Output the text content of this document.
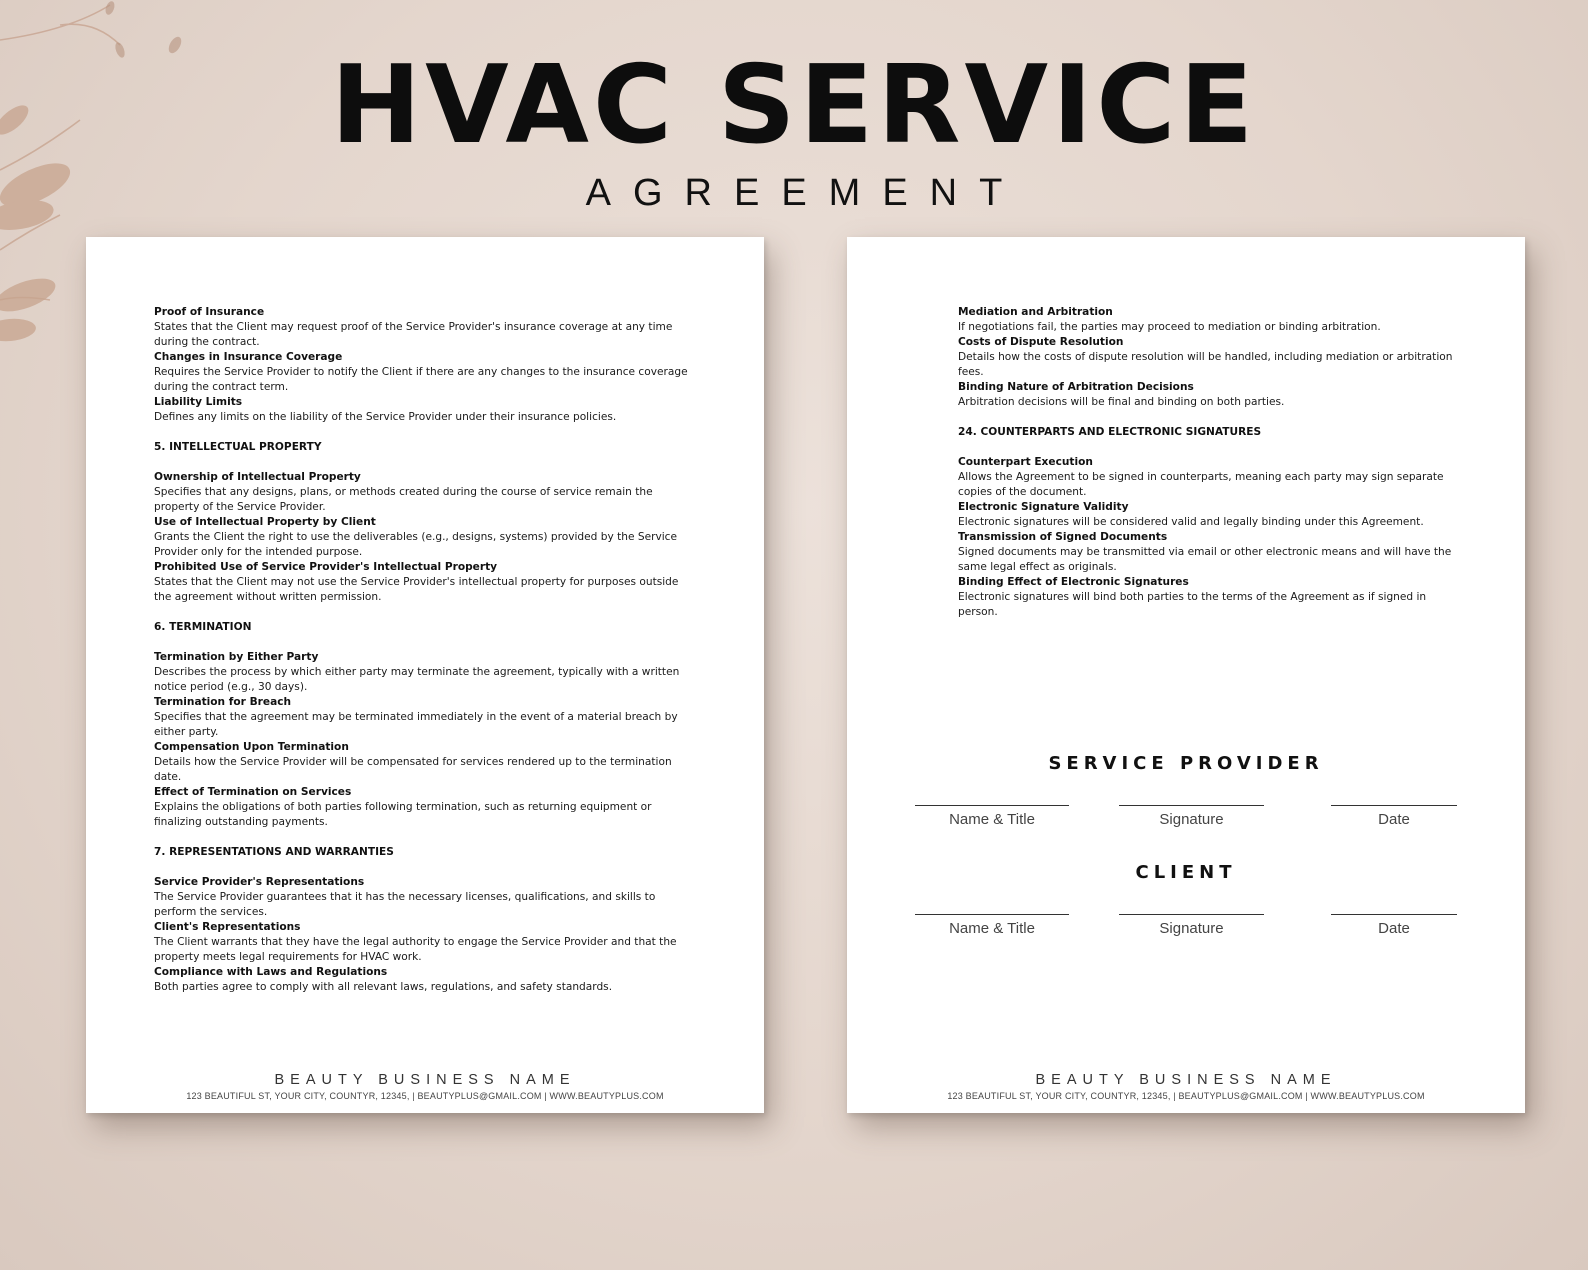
HVAC SERVICE
AGREEMENT
Proof of Insurance

States that the Client may request proof of the Service Provider's insurance coverage at any time during the contract.

Changes in Insurance Coverage

Requires the Service Provider to notify the Client if there are any changes to the insurance coverage during the contract term.

Liability Limits

Defines any limits on the liability of the Service Provider under their insurance policies.

5. INTELLECTUAL PROPERTY
Ownership of Intellectual Property

Specifies that any designs, plans, or methods created during the course of service remain the property of the Service Provider.

Use of Intellectual Property by Client

Grants the Client the right to use the deliverables (e.g., designs, systems) provided by the Service Provider only for the intended purpose.

Prohibited Use of Service Provider's Intellectual Property

States that the Client may not use the Service Provider's intellectual property for purposes outside the agreement without written permission.

6. TERMINATION
Termination by Either Party

Describes the process by which either party may terminate the agreement, typically with a written notice period (e.g., 30 days).

Termination for Breach

Specifies that the agreement may be terminated immediately in the event of a material breach by either party.

Compensation Upon Termination

Details how the Service Provider will be compensated for services rendered up to the termination date.

Effect of Termination on Services

Explains the obligations of both parties following termination, such as returning equipment or finalizing outstanding payments.

7. REPRESENTATIONS AND WARRANTIES
Service Provider's Representations

The Service Provider guarantees that it has the necessary licenses, qualifications, and skills to perform the services.

Client's Representations

The Client warrants that they have the legal authority to engage the Service Provider and that the property meets legal requirements for HVAC work.

Compliance with Laws and Regulations

Both parties agree to comply with all relevant laws, regulations, and safety standards.

BEAUTY BUSINESS NAME
123 BEAUTIFUL ST, YOUR CITY, COUNTYR, 12345, | BEAUTYPLUS@GMAIL.COM | WWW.BEAUTYPLUS.COM
Mediation and Arbitration

If negotiations fail, the parties may proceed to mediation or binding arbitration.

Costs of Dispute Resolution

Details how the costs of dispute resolution will be handled, including mediation or arbitration fees.

Binding Nature of Arbitration Decisions

Arbitration decisions will be final and binding on both parties.

24. COUNTERPARTS AND ELECTRONIC SIGNATURES
Counterpart Execution

Allows the Agreement to be signed in counterparts, meaning each party may sign separate copies of the document.

Electronic Signature Validity

Electronic signatures will be considered valid and legally binding under this Agreement.

Transmission of Signed Documents

Signed documents may be transmitted via email or other electronic means and will have the same legal effect as originals.

Binding Effect of Electronic Signatures

Electronic signatures will bind both parties to the terms of the Agreement as if signed in person.

SERVICE PROVIDER
Name & Title	Signature	Date
CLIENT
Name & Title	Signature	Date
BEAUTY BUSINESS NAME
123 BEAUTIFUL ST, YOUR CITY, COUNTYR, 12345, | BEAUTYPLUS@GMAIL.COM | WWW.BEAUTYPLUS.COM
